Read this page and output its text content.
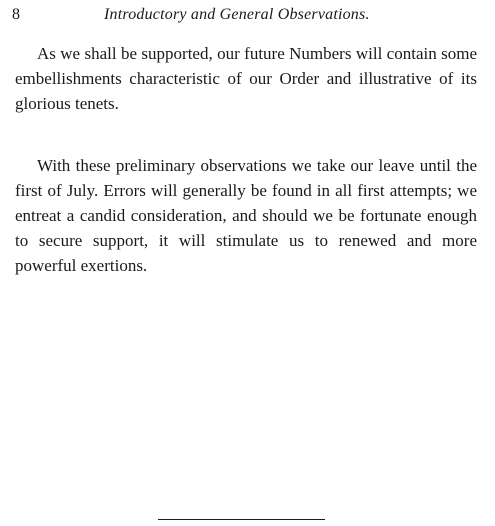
8	Introductory and General Observations.

As we shall be supported, our future Numbers will contain some embellishments characteristic of our Order and illustrative of its glorious tenets.

With these preliminary observations we take our leave until the first of July. Errors will generally be found in all first attempts; we entreat a candid consideration, and should we be fortunate enough to secure support, it will stimulate us to renewed and more powerful exertions.
